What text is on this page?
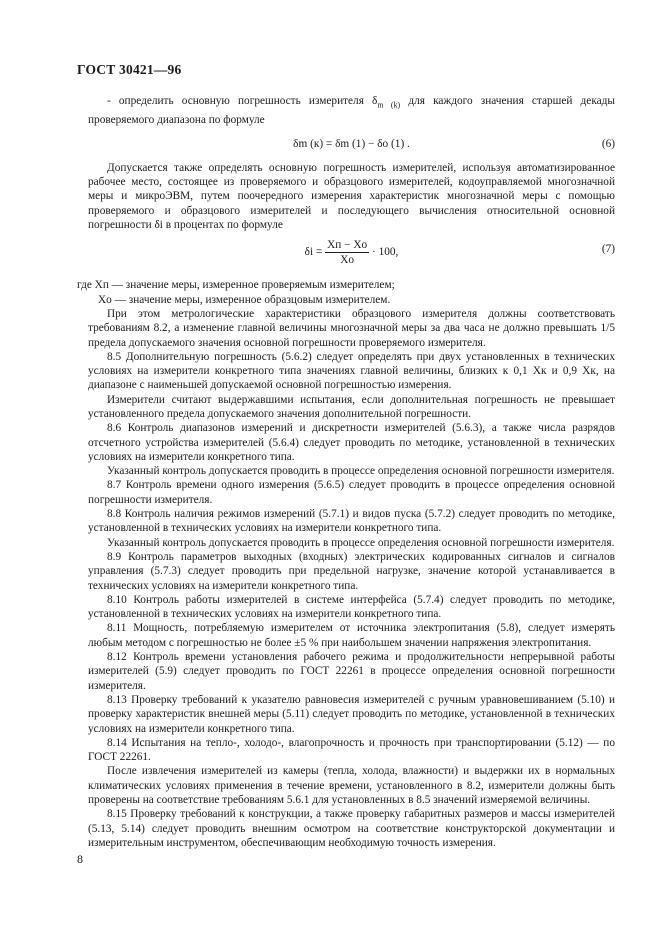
ГОСТ 30421—96

- определить основную погрешность измерителя $\delta_{m (k)}$ для каждого значения старшей декады проверяемого диапазона по формуле

δm (к) = δm (1) − δо (1) .	(6)

Допускается также определять основную погрешность измерителей, используя автоматизированное рабочее место, состоящее из проверяемого и образцового измерителей, кодоуправляемой многозначной меры и микроЭВМ, путем поочередного измерения характеристик многозначной меры с помощью проверяемого и образцового измерителей и последующего вычисления относительной основной погрешности δі в процентах по формуле

$\delta і = \frac{Xп - Xо}{Xо} \cdot 100$,	(7)

где Xп — значение меры, измеренное проверяемым измерителем;

Xо — значение меры, измеренное образцовым измерителем.

При этом метрологические характеристики образцового измерителя должны соответствовать требованиям 8.2, а изменение главной величины многозначной меры за два часа не должно превышать 1/5 предела допускаемого значения основной погрешности проверяемого измерителя.

8.5 Дополнительную погрешность (5.6.2) следует определять при двух установленных в технических условиях на измерители конкретного типа значениях главной величины, близких к 0,1 Хк и 0,9 Хк, на диапазоне с наименьшей допускаемой основной погрешностью измерения.

Измерители считают выдержавшими испытания, если дополнительная погрешность не превышает установленного предела допускаемого значения дополнительной погрешности.

8.6 Контроль диапазонов измерений и дискретности измерителей (5.6.3), а также числа разрядов отсчетного устройства измерителей (5.6.4) следует проводить по методике, установленной в технических условиях на измерители конкретного типа.

Указанный контроль допускается проводить в процессе определения основной погрешности измерителя.

8.7 Контроль времени одного измерения (5.6.5) следует проводить в процессе определения основной погрешности измерителя.

8.8 Контроль наличия режимов измерений (5.7.1) и видов пуска (5.7.2) следует проводить по методике, установленной в технических условиях на измерители конкретного типа.

Указанный контроль допускается проводить в процессе определения основной погрешности измерителя.

8.9 Контроль параметров выходных (входных) электрических кодированных сигналов и сигналов управления (5.7.3) следует проводить при предельной нагрузке, значение которой устанавливается в технических условиях на измерители конкретного типа.

8.10 Контроль работы измерителей в системе интерфейса (5.7.4) следует проводить по методике, установленной в технических условиях на измерители конкретного типа.

8.11 Мощность, потребляемую измерителем от источника электропитания (5.8), следует измерять любым методом с погрешностью не более ±5 % при наибольшем значении напряжения электропитания.

8.12 Контроль времени установления рабочего режима и продолжительности непрерывной работы измерителей (5.9) следует проводить по ГОСТ 22261 в процессе определения основной погрешности измерителя.

8.13 Проверку требований к указателю равновесия измерителей с ручным уравновешиванием (5.10) и проверку характеристик внешней меры (5.11) следует проводить по методике, установленной в технических условиях на измерители конкретного типа.

8.14 Испытания на тепло-, холодо-, влагопрочность и прочность при транспортировании (5.12) — по ГОСТ 22261.

После извлечения измерителей из камеры (тепла, холода, влажности) и выдержки их в нормальных климатических условиях применения в течение времени, установленного в 8.2, измерители должны быть проверены на соответствие требованиям 5.6.1 для установленных в 8.5 значений измеряемой величины.

8.15 Проверку требований к конструкции, а также проверку габаритных размеров и массы измерителей (5.13, 5.14) следует проводить внешним осмотром на соответствие конструкторской документации и измерительным инструментом, обеспечивающим необходимую точность измерения.

8
